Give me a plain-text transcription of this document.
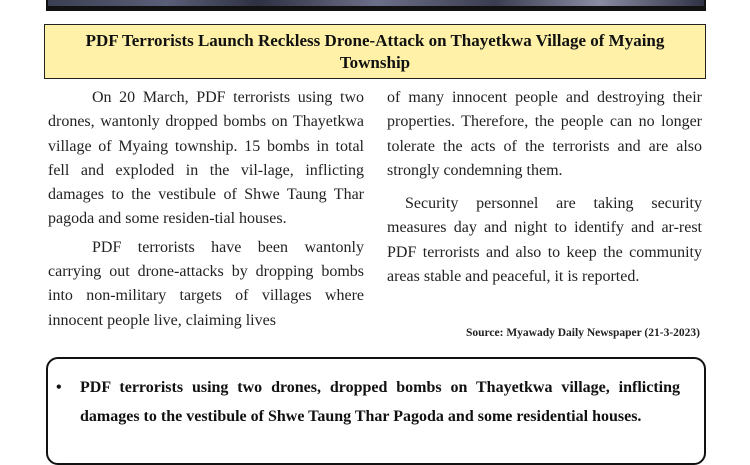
PDF Terrorists Launch Reckless Drone-Attack on Thayetkwa Village of Myaing Township

On 20 March, PDF terrorists using two drones, wantonly dropped bombs on Thayetkwa village of Myaing township. 15 bombs in total fell and exploded in the vil-lage, inflicting damages to the vestibule of Shwe Taung Thar pagoda and some residen-tial houses.

PDF terrorists have been wantonly carrying out drone-attacks by dropping bombs into non-military targets of villages where innocent people live, claiming lives

of many innocent people and destroying their properties. Therefore, the people can no longer tolerate the acts of the terrorists and are also strongly condemning them.

Security personnel are taking security measures day and night to identify and ar-rest PDF terrorists and also to keep the community areas stable and peaceful, it is reported.

Source: Myawady Daily Newspaper (21-3-2023)
• PDF terrorists using two drones, dropped bombs on Thayetkwa village, inflicting damages to the vestibule of Shwe Taung Thar Pagoda and some residential houses.
